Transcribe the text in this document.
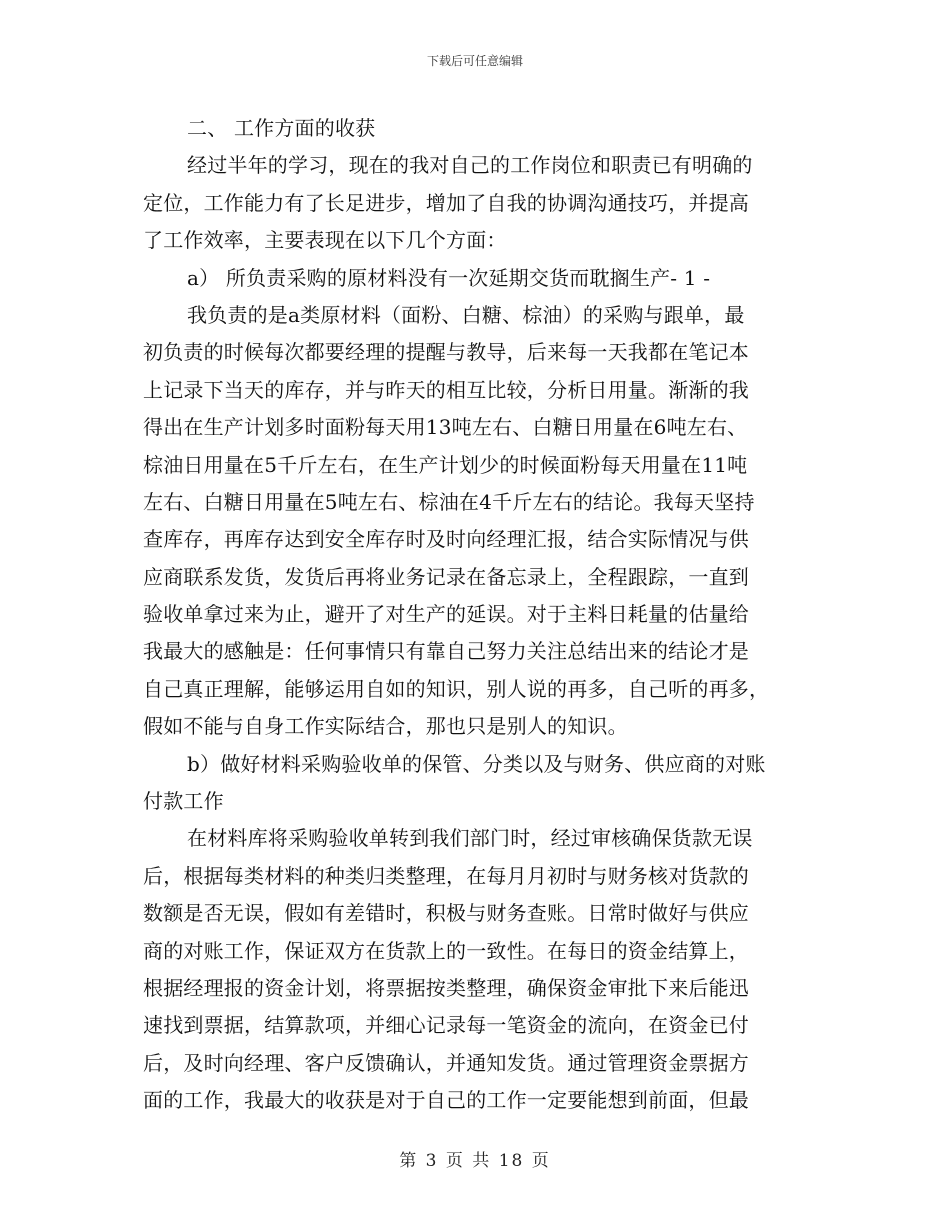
下载后可任意编辑
二、 工作方面的收获
经过半年的学习，现在的我对自己的工作岗位和职责已有明确的
定位，工作能力有了长足进步，增加了自我的协调沟通技巧，并提高
了工作效率，主要表现在以下几个方面：
a） 所负责采购的原材料没有一次延期交货而耽搁生产- 1 -
我负责的是a类原材料（面粉、白糖、棕油）的采购与跟单，最
初负责的时候每次都要经理的提醒与教导，后来每一天我都在笔记本
上记录下当天的库存，并与昨天的相互比较，分析日用量。渐渐的我
得出在生产计划多时面粉每天用13吨左右、白糖日用量在6吨左右、
棕油日用量在5千斤左右，在生产计划少的时候面粉每天用量在11吨
左右、白糖日用量在5吨左右、棕油在4千斤左右的结论。我每天坚持
查库存，再库存达到安全库存时及时向经理汇报，结合实际情况与供
应商联系发货，发货后再将业务记录在备忘录上，全程跟踪，一直到
验收单拿过来为止，避开了对生产的延误。对于主料日耗量的估量给
我最大的感触是：任何事情只有靠自己努力关注总结出来的结论才是
自己真正理解，能够运用自如的知识，别人说的再多，自己听的再多，
假如不能与自身工作实际结合，那也只是别人的知识。
b）做好材料采购验收单的保管、分类以及与财务、供应商的对账
付款工作
在材料库将采购验收单转到我们部门时，经过审核确保货款无误
后，根据每类材料的种类归类整理，在每月月初时与财务核对货款的
数额是否无误，假如有差错时，积极与财务查账。日常时做好与供应
商的对账工作，保证双方在货款上的一致性。在每日的资金结算上，
根据经理报的资金计划，将票据按类整理，确保资金审批下来后能迅
速找到票据，结算款项，并细心记录每一笔资金的流向，在资金已付
后，及时向经理、客户反馈确认，并通知发货。通过管理资金票据方
面的工作，我最大的收获是对于自己的工作一定要能想到前面，但最
第 3 页 共 18 页
